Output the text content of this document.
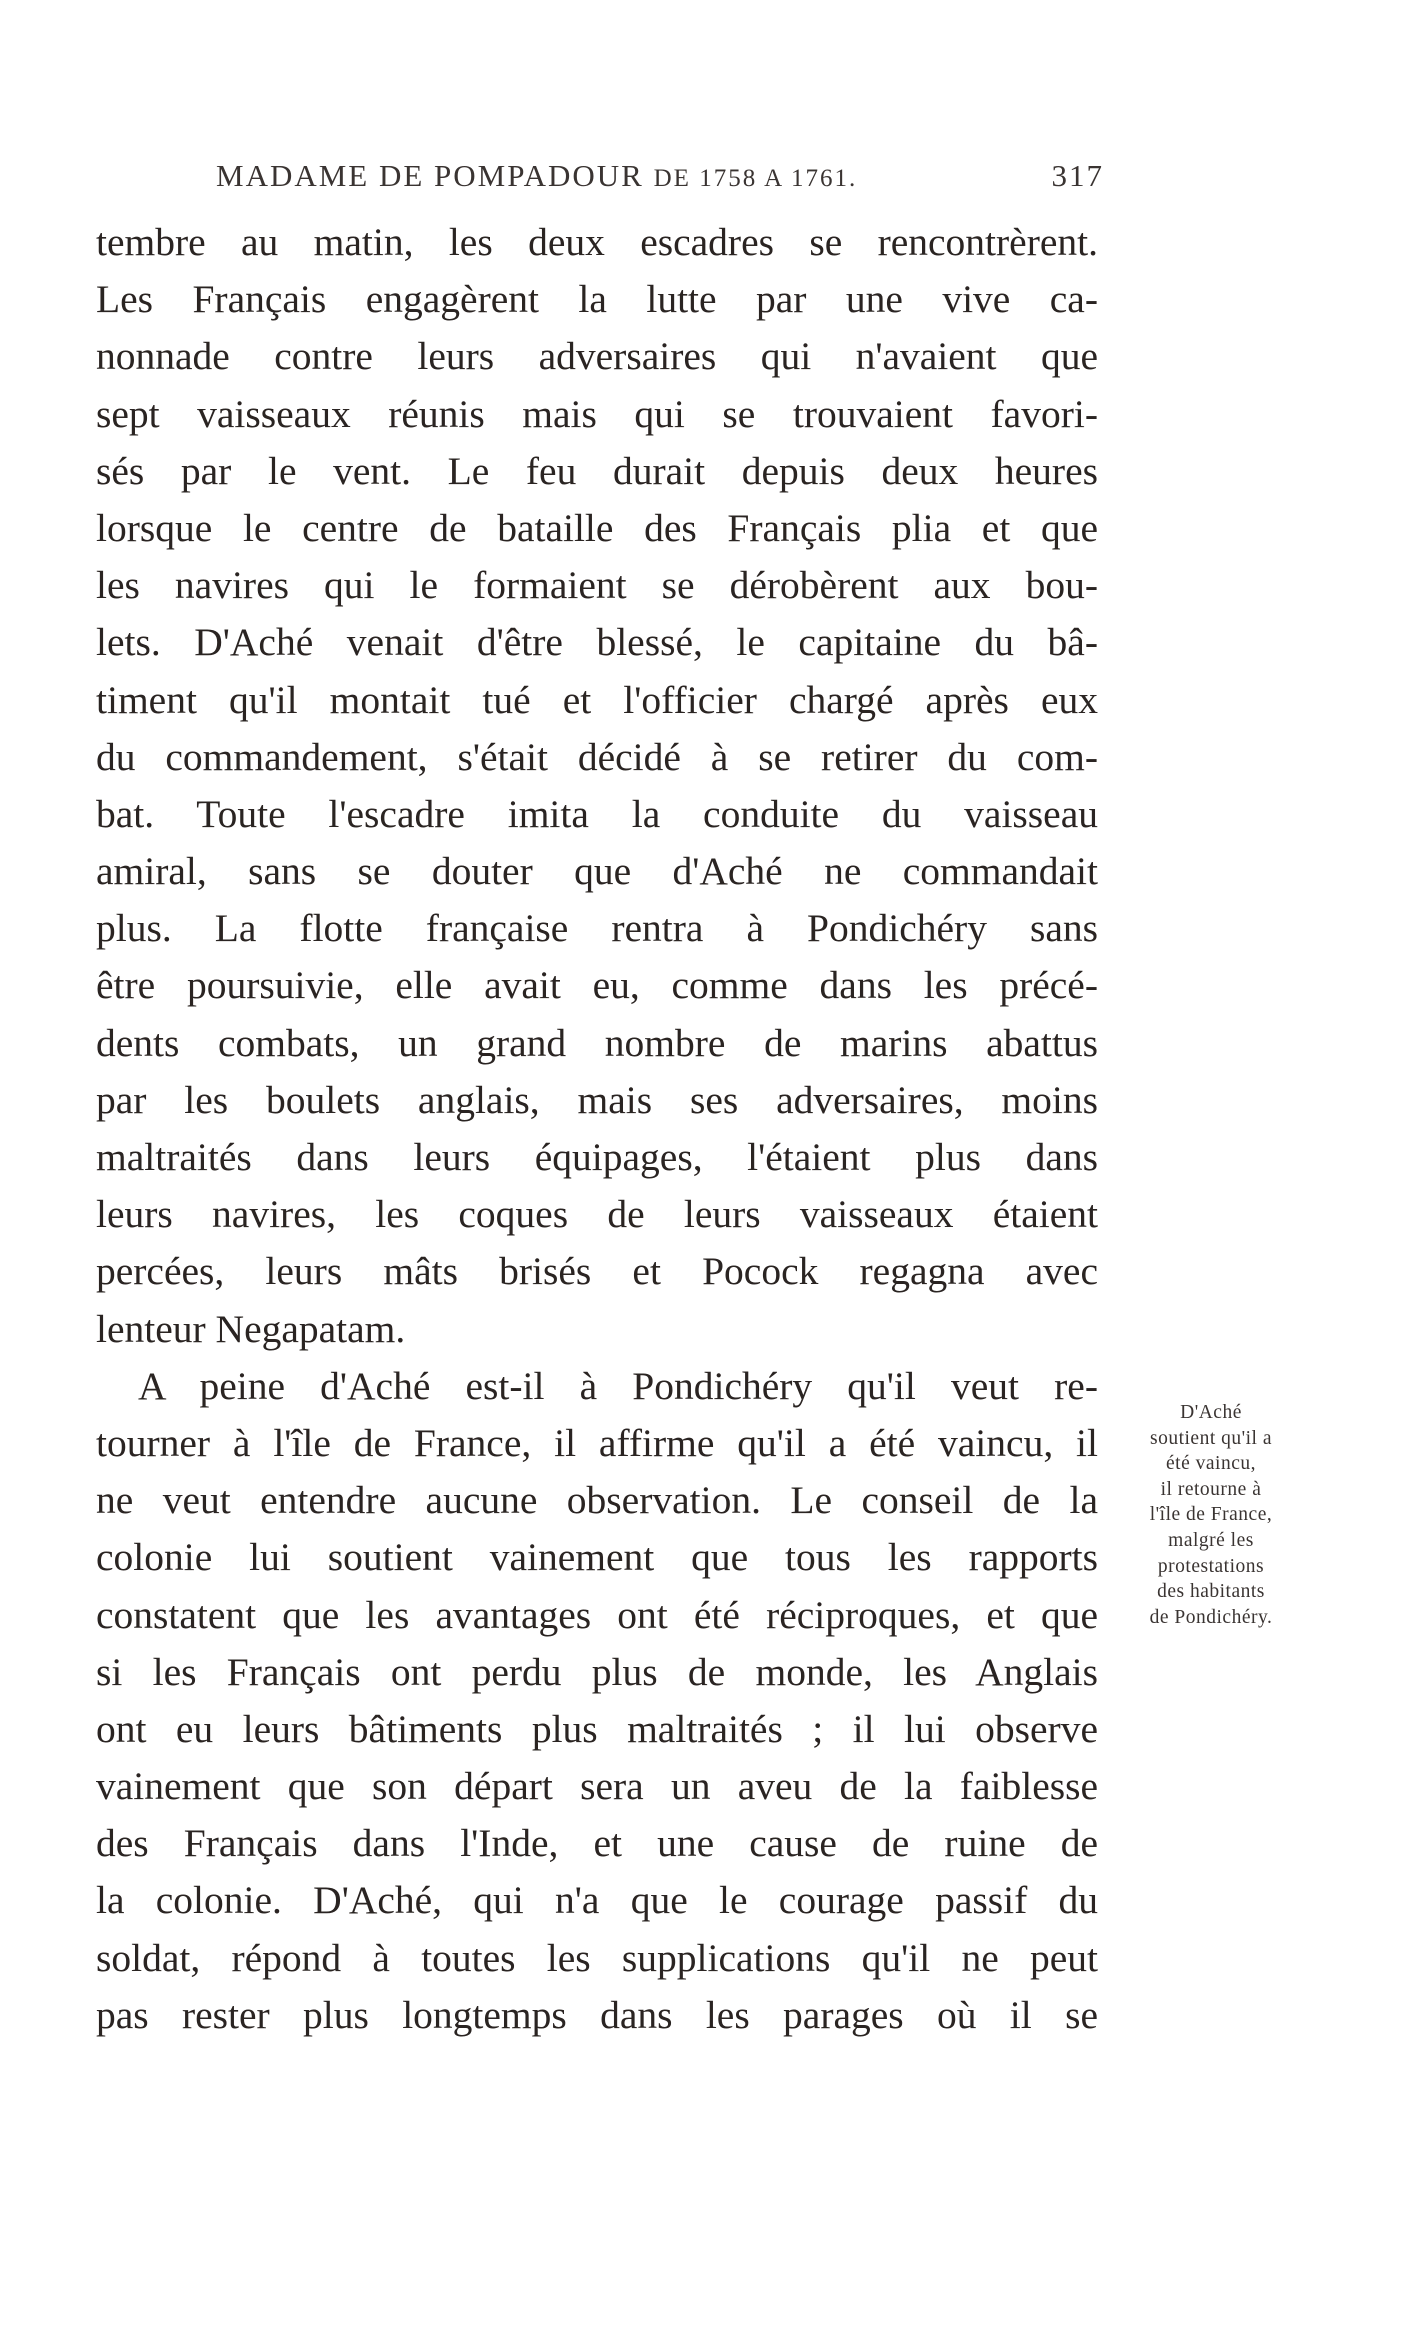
MADAME DE POMPADOUR DE 1758 A 1761.	317
tembre au matin, les deux escadres se rencontrèrent.
Les Français engagèrent la lutte par une vive ca-
nonnade contre leurs adversaires qui n'avaient que
sept vaisseaux réunis mais qui se trouvaient favori-
sés par le vent. Le feu durait depuis deux heures
lorsque le centre de bataille des Français plia et que
les navires qui le formaient se dérobèrent aux bou-
lets. D'Aché venait d'être blessé, le capitaine du bâ-
timent qu'il montait tué et l'officier chargé après eux
du commandement, s'était décidé à se retirer du com-
bat. Toute l'escadre imita la conduite du vaisseau
amiral, sans se douter que d'Aché ne commandait
plus. La flotte française rentra à Pondichéry sans
être poursuivie, elle avait eu, comme dans les précé-
dents combats, un grand nombre de marins abattus
par les boulets anglais, mais ses adversaires, moins
maltraités dans leurs équipages, l'étaient plus dans
leurs navires, les coques de leurs vaisseaux étaient
percées, leurs mâts brisés et Pocock regagna avec
lenteur Negapatam.
A peine d'Aché est-il à Pondichéry qu'il veut re-
tourner à l'île de France, il affirme qu'il a été vaincu, il
ne veut entendre aucune observation. Le conseil de la
colonie lui soutient vainement que tous les rapports
constatent que les avantages ont été réciproques, et que
si les Français ont perdu plus de monde, les Anglais
ont eu leurs bâtiments plus maltraités ; il lui observe
vainement que son départ sera un aveu de la faiblesse
des Français dans l'Inde, et une cause de ruine de
la colonie. D'Aché, qui n'a que le courage passif du
soldat, répond à toutes les supplications qu'il ne peut
pas rester plus longtemps dans les parages où il se
D'Aché
soutient qu'il a
été vaincu,
il retourne à
l'île de France,
malgré les
protestations
des habitants
de Pondichéry.
